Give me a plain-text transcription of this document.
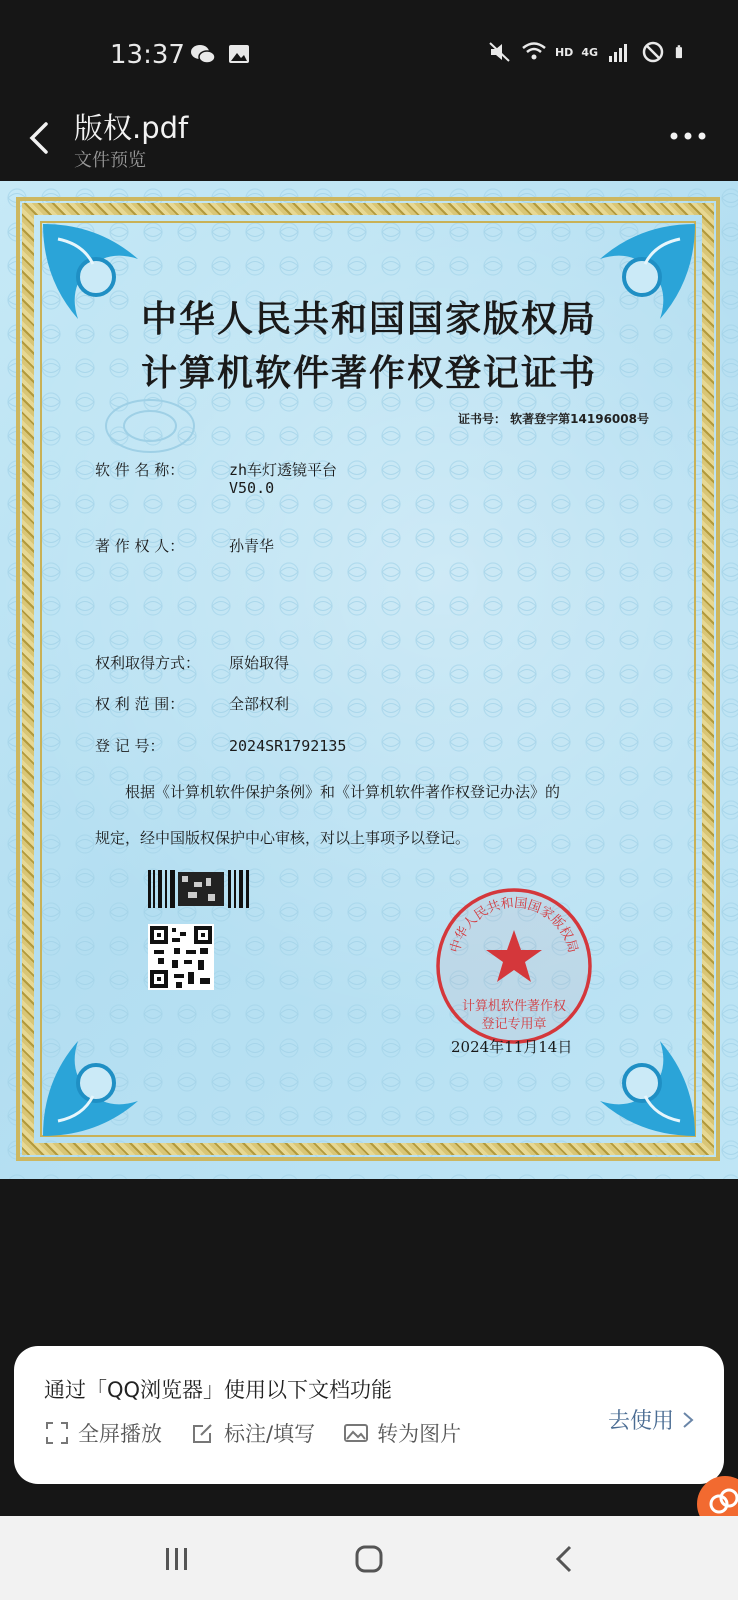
13:37	HD 4G
版权.pdf
文件预览
中华人民共和国国家版权局
计算机软件著作权登记证书
证书号： 软著登字第14196008号
软 件 名 称：	zh车灯透镜平台
V50.0
著 作 权 人：	孙青华
权利取得方式： 原始取得
权 利 范 围：	全部权利
登 记 号：	2024SR1792135
根据《计算机软件保护条例》和《计算机软件著作权登记办法》的
规定，经中国版权保护中心审核，对以上事项予以登记。
中华人民共和国国家版权局
计算机软件著作权
登记专用章
2024年11月14日
通过「QQ浏览器」使用以下文档功能
全屏播放	标注/填写	转为图片	去使用
